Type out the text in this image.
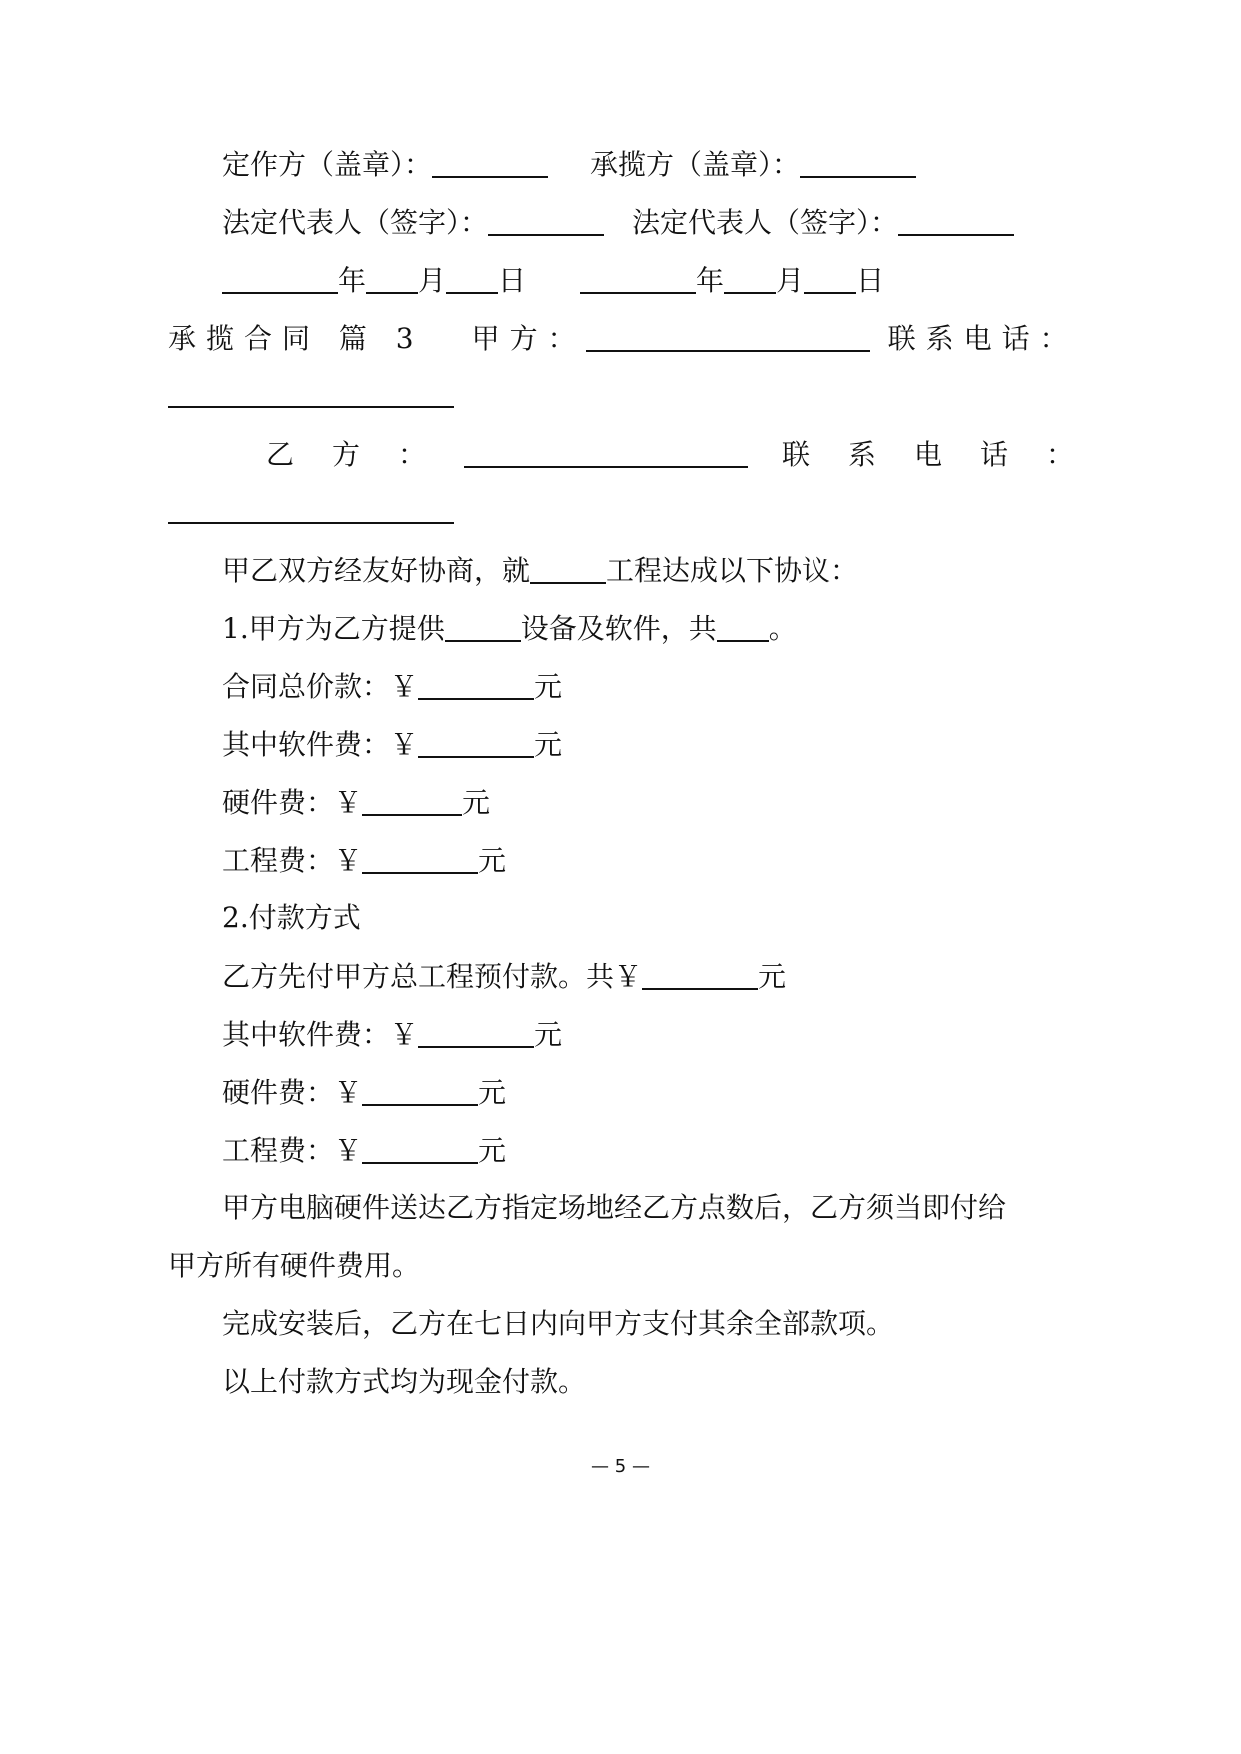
定作方（盖章）：	承揽方（盖章）：
法定代表人（签字）：	法定代表人（签字）：
年 月 日	年 月 日
承揽合同 篇 3 甲方：	联系电话：
乙方：	联系电话：
甲乙双方经友好协商，就	工程达成以下协议：
1.甲方为乙方提供	设备及软件，共 。
合同总价款：￥	元
其中软件费：￥	元
硬件费：￥	元
工程费：￥	元
2.付款方式
乙方先付甲方总工程预付款。共￥	元
其中软件费：￥	元
硬件费：￥	元
工程费：￥	元
甲方电脑硬件送达乙方指定场地经乙方点数后，乙方须当即付给
甲方所有硬件费用。
完成安装后，乙方在七日内向甲方支付其余全部款项。
以上付款方式均为现金付款。
— 5 —
